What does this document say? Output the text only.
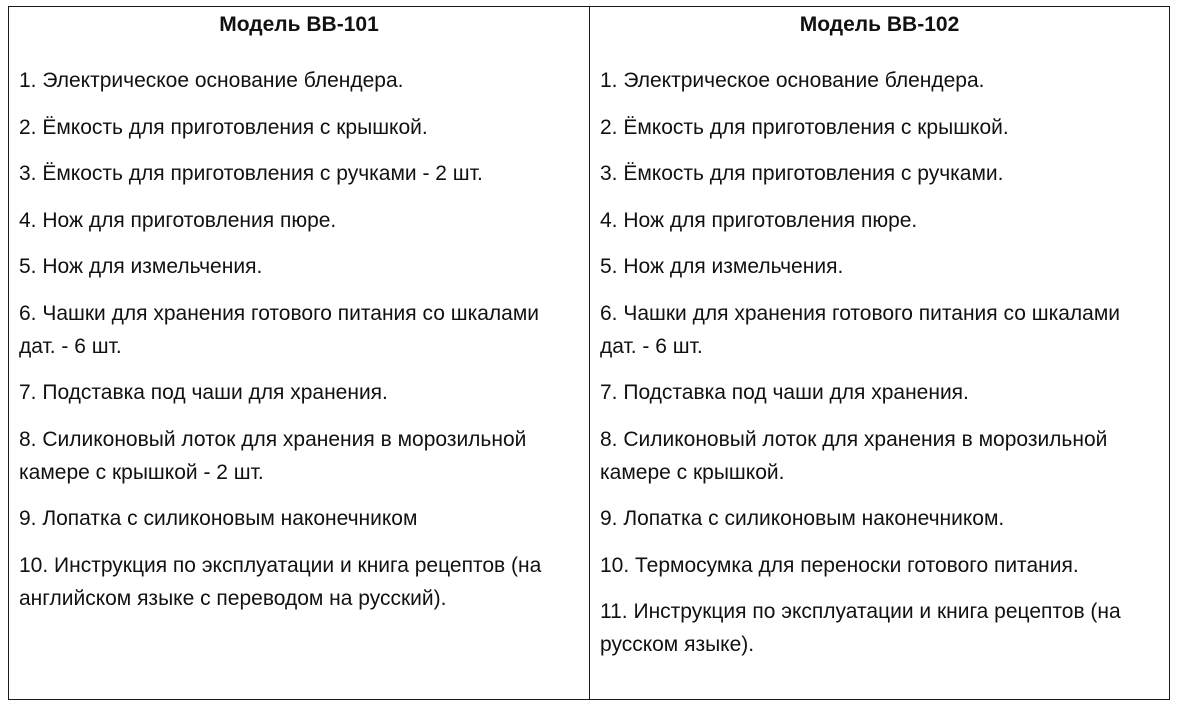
Модель BB-101
1. Электрическое основание блендера.
2. Ёмкость для приготовления с крышкой.
3. Ёмкость для приготовления с ручками - 2 шт.
4. Нож для приготовления пюре.
5. Нож для измельчения.
6. Чашки для хранения готового питания со шкалами дат. - 6 шт.
7. Подставка под чаши для хранения.
8. Силиконовый лоток для хранения в морозильной камере с крышкой - 2 шт.
9. Лопатка с силиконовым наконечником
10. Инструкция по эксплуатации и книга рецептов (на английском языке с переводом на русский).
Модель BB-102
1. Электрическое основание блендера.
2. Ёмкость для приготовления с крышкой.
3. Ёмкость для приготовления с ручками.
4. Нож для приготовления пюре.
5. Нож для измельчения.
6. Чашки для хранения готового питания со шкалами дат. - 6 шт.
7. Подставка под чаши для хранения.
8. Силиконовый лоток для хранения в морозильной камере с крышкой.
9. Лопатка с силиконовым наконечником.
10. Термосумка для переноски готового питания.
11. Инструкция по эксплуатации и книга рецептов (на русском языке).
